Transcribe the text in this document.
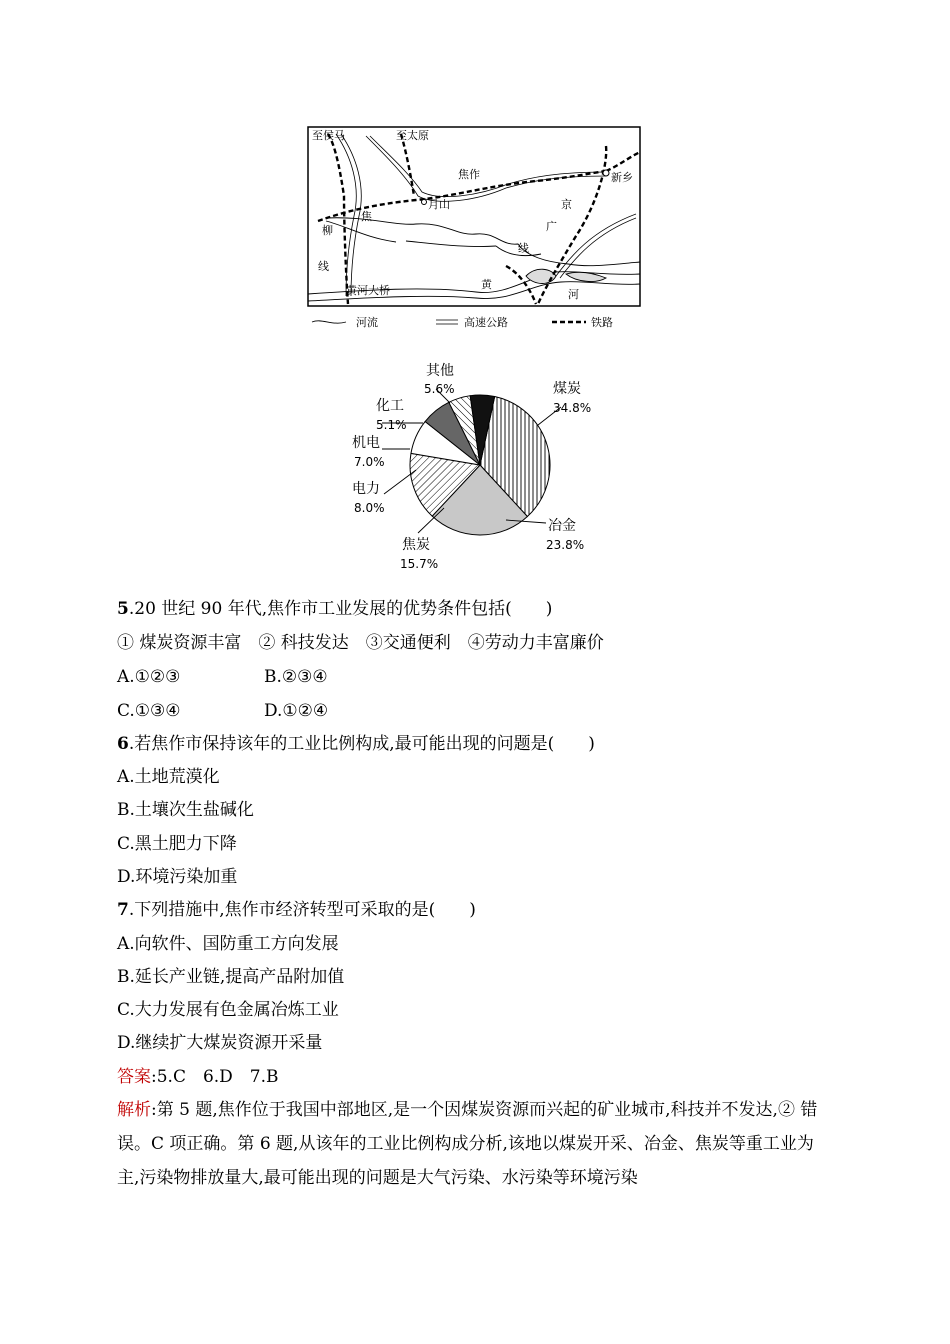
至侯马	至太原
焦作	新乡
月山	京
广
线
柳
焦
线
黄河大桥	黄
河
河流	高速公路	铁路
煤炭
34.8%
冶金
23.8%
焦炭
15.7%
电力
8.0%
机电
7.0%
化工
5.1%
其他
5.6%
5.20 世纪 90 年代,焦作市工业发展的优势条件包括(　　)
① 煤炭资源丰富　② 科技发达　③交通便利　④劳动力丰富廉价
A.①②③	B.②③④
C.①③④	D.①②④
6.若焦作市保持该年的工业比例构成,最可能出现的问题是(　　)
A.土地荒漠化
B.土壤次生盐碱化
C.黑土肥力下降
D.环境污染加重
7.下列措施中,焦作市经济转型可采取的是(　　)
A.向软件、国防重工方向发展
B.延长产业链,提高产品附加值
C.大力发展有色金属冶炼工业
D.继续扩大煤炭资源开采量
答案:5.C　6.D　7.B
解析:第 5 题,焦作位于我国中部地区,是一个因煤炭资源而兴起的矿业城市,科技并不发达,② 错误。C 项正确。第 6 题,从该年的工业比例构成分析,该地以煤炭开采、冶金、焦炭等重工业为主,污染物排放量大,最可能出现的问题是大气污染、水污染等环境污染
